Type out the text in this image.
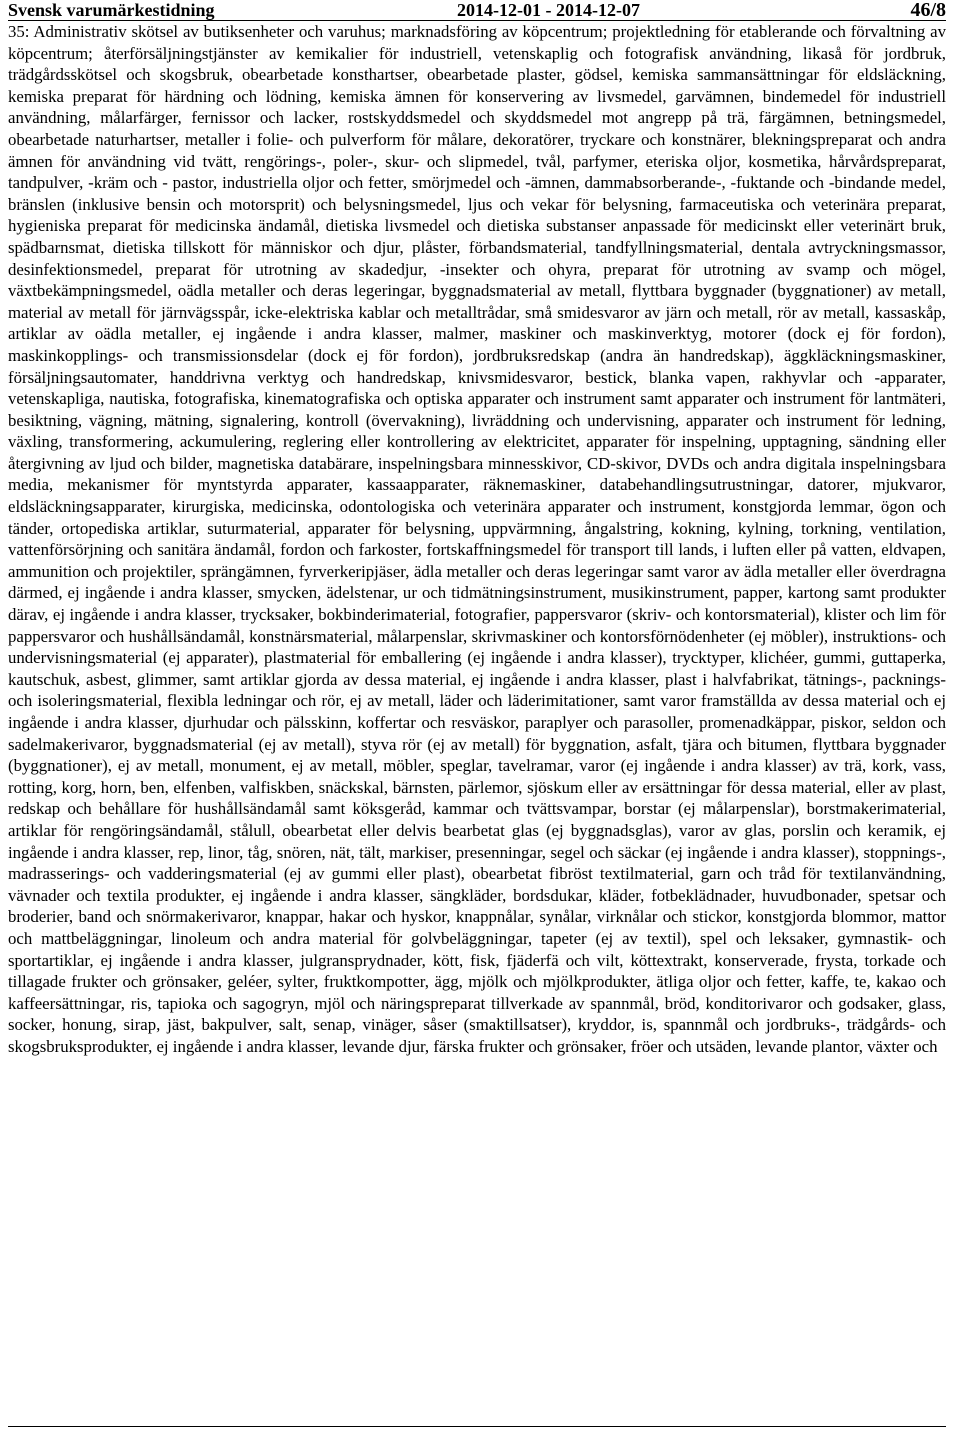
Svensk varumärkestidning	2014-12-01 - 2014-12-07	46/8

35: Administrativ skötsel av butiksenheter och varuhus; marknadsföring av köpcentrum; projektledning för etablerande och förvaltning av köpcentrum; återförsäljningstjänster av kemikalier för industriell, vetenskaplig och fotografisk användning, likaså för jordbruk, trädgårdsskötsel och skogsbruk, obearbetade konsthartser, obearbetade plaster, gödsel, kemiska sammansättningar för eldsläckning, kemiska preparat för härdning och lödning, kemiska ämnen för konservering av livsmedel, garvämnen, bindemedel för industriell användning, målarfärger, fernissor och lacker, rostskyddsmedel och skyddsmedel mot angrepp på trä, färgämnen, betningsmedel, obearbetade naturhartser, metaller i folie- och pulverform för målare, dekoratörer, tryckare och konstnärer, blekningspreparat och andra ämnen för användning vid tvätt, rengörings-, poler-, skur- och slipmedel, tvål, parfymer, eteriska oljor, kosmetika, hårvårdspreparat, tandpulver, -kräm och - pastor, industriella oljor och fetter, smörjmedel och -ämnen, dammabsorberande-, -fuktande och -bindande medel, bränslen (inklusive bensin och motorsprit) och belysningsmedel, ljus och vekar för belysning, farmaceutiska och veterinära preparat, hygieniska preparat för medicinska ändamål, dietiska livsmedel och dietiska substanser anpassade för medicinskt eller veterinärt bruk, spädbarnsmat, dietiska tillskott för människor och djur, plåster, förbandsmaterial, tandfyllningsmaterial, dentala avtryckningsmassor, desinfektionsmedel, preparat för utrotning av skadedjur, -insekter och ohyra, preparat för utrotning av svamp och mögel, växtbekämpningsmedel, oädla metaller och deras legeringar, byggnadsmaterial av metall, flyttbara byggnader (byggnationer) av metall, material av metall för järnvägsspår, icke-elektriska kablar och metalltrådar, små smidesvaror av järn och metall, rör av metall, kassaskåp, artiklar av oädla metaller, ej ingående i andra klasser, malmer, maskiner och maskinverktyg, motorer (dock ej för fordon), maskinkopplings- och transmissionsdelar (dock ej för fordon), jordbruksredskap (andra än handredskap), äggkläckningsmaskiner, försäljningsautomater, handdrivna verktyg och handredskap, knivsmidesvaror, bestick, blanka vapen, rakhyvlar och -apparater, vetenskapliga, nautiska, fotografiska, kinematografiska och optiska apparater och instrument samt apparater och instrument för lantmäteri, besiktning, vägning, mätning, signalering, kontroll (övervakning), livräddning och undervisning, apparater och instrument för ledning, växling, transformering, ackumulering, reglering eller kontrollering av elektricitet, apparater för inspelning, upptagning, sändning eller återgivning av ljud och bilder, magnetiska databärare, inspelningsbara minnesskivor, CD-skivor, DVDs och andra digitala inspelningsbara media, mekanismer för myntstyrda apparater, kassaapparater, räknemaskiner, databehandlingsutrustningar, datorer, mjukvaror, eldsläckningsapparater, kirurgiska, medicinska, odontologiska och veterinära apparater och instrument, konstgjorda lemmar, ögon och tänder, ortopediska artiklar, suturmaterial, apparater för belysning, uppvärmning, ångalstring, kokning, kylning, torkning, ventilation, vattenförsörjning och sanitära ändamål, fordon och farkoster, fortskaffningsmedel för transport till lands, i luften eller på vatten, eldvapen, ammunition och projektiler, sprängämnen, fyrverkeripjäser, ädla metaller och deras legeringar samt varor av ädla metaller eller överdragna därmed, ej ingående i andra klasser, smycken, ädelstenar, ur och tidmätningsinstrument, musikinstrument, papper, kartong samt produkter därav, ej ingående i andra klasser, trycksaker, bokbinderimaterial, fotografier, pappersvaror (skriv- och kontorsmaterial), klister och lim för pappersvaror och hushållsändamål, konstnärsmaterial, målarpenslar, skrivmaskiner och kontorsförnödenheter (ej möbler), instruktions- och undervisningsmaterial (ej apparater), plastmaterial för emballering (ej ingående i andra klasser), trycktyper, klichéer, gummi, guttaperka, kautschuk, asbest, glimmer, samt artiklar gjorda av dessa material, ej ingående i andra klasser, plast i halvfabrikat, tätnings-, packnings- och isoleringsmaterial, flexibla ledningar och rör, ej av metall, läder och läderimitationer, samt varor framställda av dessa material och ej ingående i andra klasser, djurhudar och pälsskinn, koffertar och resväskor, paraplyer och parasoller, promenadkäppar, piskor, seldon och sadelmakerivaror, byggnadsmaterial (ej av metall), styva rör (ej av metall) för byggnation, asfalt, tjära och bitumen, flyttbara byggnader (byggnationer), ej av metall, monument, ej av metall, möbler, speglar, tavelramar, varor (ej ingående i andra klasser) av trä, kork, vass, rotting, korg, horn, ben, elfenben, valfiskben, snäckskal, bärnsten, pärlemor, sjöskum eller av ersättningar för dessa material, eller av plast, redskap och behållare för hushållsändamål samt köksgeråd, kammar och tvättsvampar, borstar (ej målarpenslar), borstmakerimaterial, artiklar för rengöringsändamål, stålull, obearbetat eller delvis bearbetat glas (ej byggnadsglas), varor av glas, porslin och keramik, ej ingående i andra klasser, rep, linor, tåg, snören, nät, tält, markiser, presenningar, segel och säckar (ej ingående i andra klasser), stoppnings-, madrasserings- och vadderingsmaterial (ej av gummi eller plast), obearbetat fibröst textilmaterial, garn och tråd för textilanvändning, vävnader och textila produkter, ej ingående i andra klasser, sängkläder, bordsdukar, kläder, fotbeklädnader, huvudbonader, spetsar och broderier, band och snörmakerivaror, knappar, hakar och hyskor, knappnålar, synålar, virknålar och stickor, konstgjorda blommor, mattor och mattbeläggningar, linoleum och andra material för golvbeläggningar, tapeter (ej av textil), spel och leksaker, gymnastik- och sportartiklar, ej ingående i andra klasser, julgransprydnader, kött, fisk, fjäderfä och vilt, köttextrakt, konserverade, frysta, torkade och tillagade frukter och grönsaker, geléer, sylter, fruktkompotter, ägg, mjölk och mjölkprodukter, ätliga oljor och fetter, kaffe, te, kakao och kaffeersättningar, ris, tapioka och sagogryn, mjöl och näringspreparat tillverkade av spannmål, bröd, konditorivaror och godsaker, glass, socker, honung, sirap, jäst, bakpulver, salt, senap, vinäger, såser (smaktillsatser), kryddor, is, spannmål och jordbruks-, trädgårds- och skogsbruksprodukter, ej ingående i andra klasser, levande djur, färska frukter och grönsaker, fröer och utsäden, levande plantor, växter och
